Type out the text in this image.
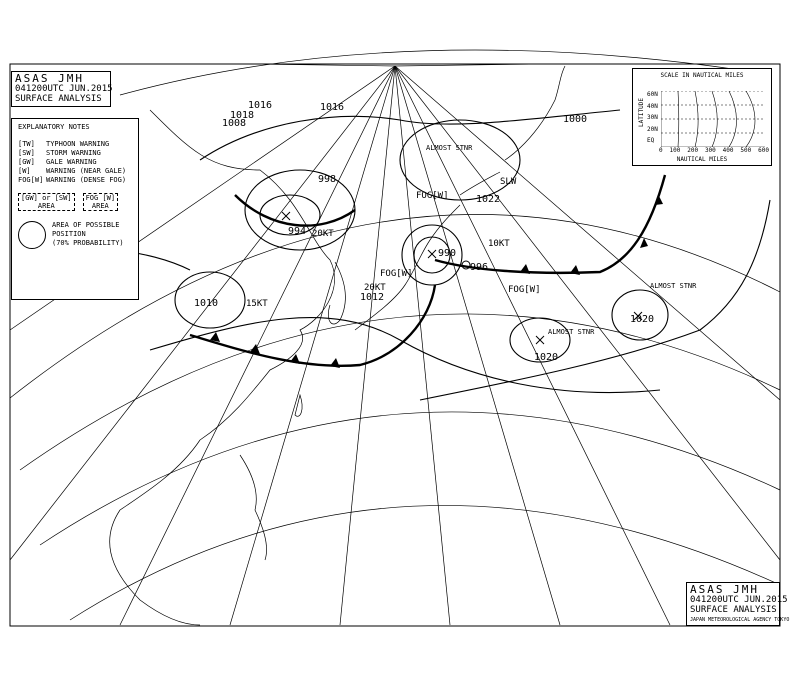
998
994
1010
1012
990
996
1022
1020
1020
1008	1000
1016	1016
1018
20KT
15KT
20KT
10KT
FOG[W]
FOG[W]
FOG[W]
ALMOST STNR
ALMOST STNR
ALMOST STNR
SLW
ASAS JMH
041200UTC JUN.2015
SURFACE ANALYSIS
EXPLANATORY NOTES
[TW]	TYPHOON WARNING
[SW]	STORM WARNING
[GW]	GALE WARNING
[W]	WARNING (NEAR GALE)
FOG[W] WARNING (DENSE FOG)
[GW] or [SW]
AREA
FOG [W]
AREA
AREA OF POSSIBLE
POSITION
(70% PROBABILITY)
SCALE IN NAUTICAL MILES
LATITUDE
60N
40N
30N
20N
EQ
0 100 200 300 400 500 600
NAUTICAL MILES
ASAS JMH
041200UTC JUN.2015
SURFACE ANALYSIS
JAPAN METEOROLOGICAL AGENCY TOKYO
